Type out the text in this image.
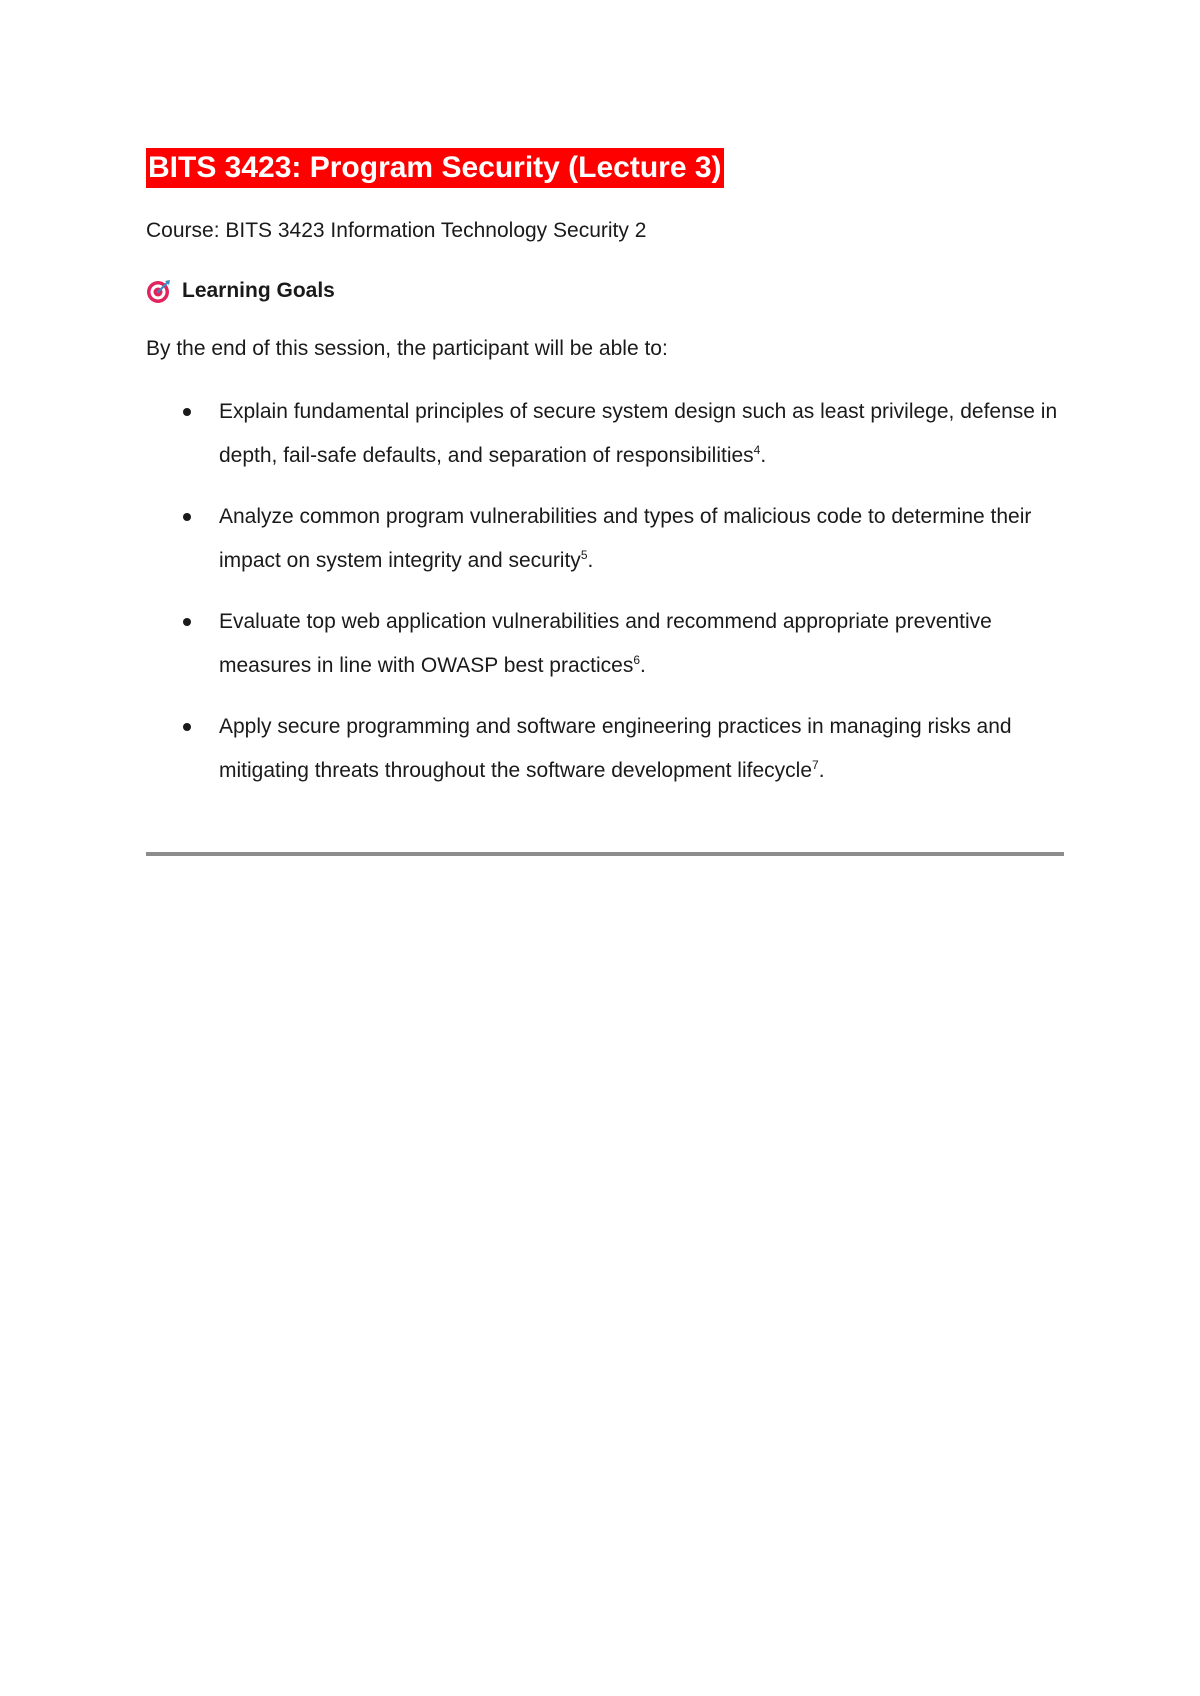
BITS 3423: Program Security (Lecture 3)
Course: BITS 3423 Information Technology Security 2
Learning Goals
By the end of this session, the participant will be able to:
Explain fundamental principles of secure system design such as least privilege, defense in depth, fail-safe defaults, and separation of responsibilities$^4$.
Analyze common program vulnerabilities and types of malicious code to determine their impact on system integrity and security$^5$.
Evaluate top web application vulnerabilities and recommend appropriate preventive measures in line with OWASP best practices$^6$.
Apply secure programming and software engineering practices in managing risks and mitigating threats throughout the software development lifecycle$^7$.
